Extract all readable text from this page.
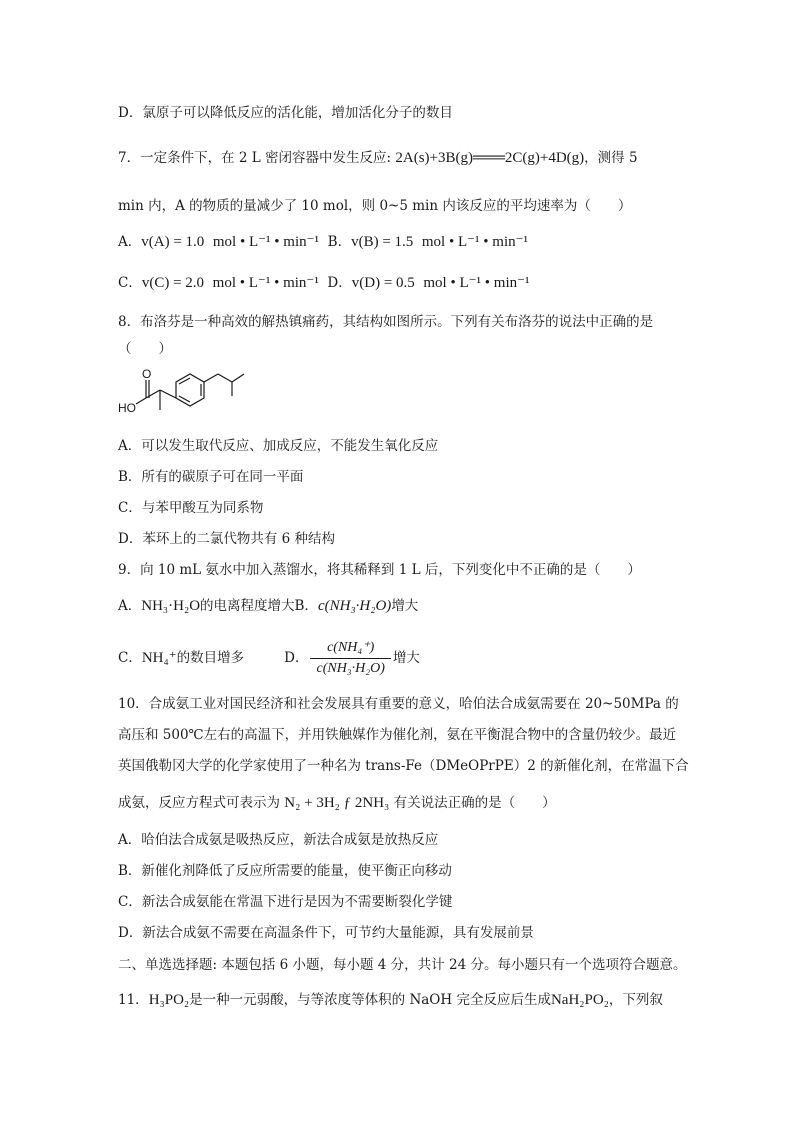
D．氯原子可以降低反应的活化能，增加活化分子的数目
7．一定条件下，在 2 L 密闭容器中发生反应: 2A(s)+3B(g)═══2C(g)+4D(g)，测得 5
min 内，A 的物质的量减少了 10 mol，则 0~5 min 内该反应的平均速率为（　　）
A．v(A) = 1.0 mol • L⁻¹ • min⁻¹ B．v(B) = 1.5 mol • L⁻¹ • min⁻¹
C．v(C) = 2.0 mol • L⁻¹ • min⁻¹ D．v(D) = 0.5 mol • L⁻¹ • min⁻¹
8．布洛芬是一种高效的解热镇痛药，其结构如图所示。下列有关布洛芬的说法中正确的是
（　　）
O
HO
A．可以发生取代反应、加成反应，不能发生氧化反应
B．所有的碳原子可在同一平面
C．与苯甲酸互为同系物
D．苯环上的二氯代物共有 6 种结构
9．向 10 mL 氨水中加入蒸馏水，将其稀释到 1 L 后，下列变化中不正确的是（　　）
A．NH₃·H₂O的电离程度增大B．c(NH₃·H₂O)增大
C．NH₄⁺的数目增多	D． $\frac{\text{c(NH₄⁺)}}{\text{c(NH₃·H₂O)}}$ 增大
10．合成氨工业对国民经济和社会发展具有重要的意义，哈伯法合成氨需要在 20~50MPa 的
高压和 500℃左右的高温下，并用铁触媒作为催化剂，氨在平衡混合物中的含量仍较少。最近
英国俄勒冈大学的化学家使用了一种名为 trans-Fe（DMeOPrPE）2 的新催化剂，在常温下合
成氨，反应方程式可表示为 N₂ + 3H₂ ƒ 2NH₃ 有关说法正确的是（　　）
A．哈伯法合成氨是吸热反应，新法合成氨是放热反应
B．新催化剂降低了反应所需要的能量，使平衡正向移动
C．新法合成氨能在常温下进行是因为不需要断裂化学键
D．新法合成氨不需要在高温条件下，可节约大量能源，具有发展前景
二、单选选择题: 本题包括 6 小题，每小题 4 分，共计 24 分。每小题只有一个选项符合题意。
11．H₃PO₂是一种一元弱酸，与等浓度等体积的 NaOH 完全反应后生成NaH₂PO₂，下列叙
